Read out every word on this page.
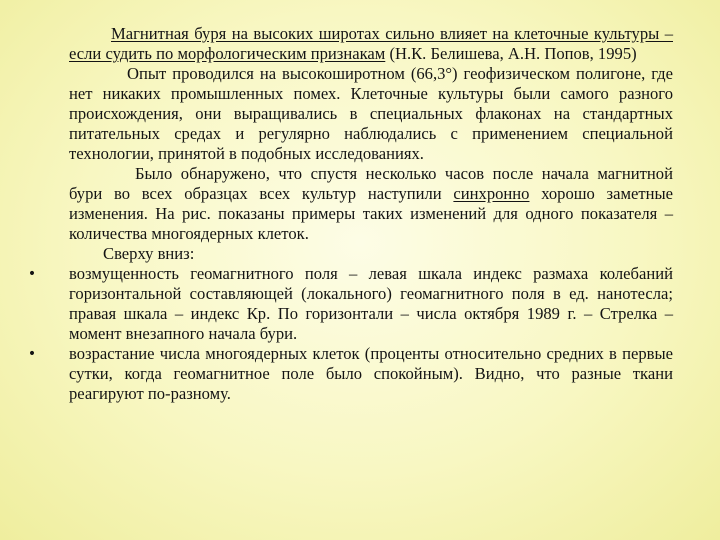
Магнитная буря на высоких широтах сильно влияет на клеточные культуры – если судить по морфологическим признакам (Н.К. Белишева, А.Н. Попов, 1995)

Опыт проводился на высокоширотном (66,3°) геофизическом полигоне, где нет никаких промышленных помех. Клеточные культуры были самого разного происхождения, они выращивались в специальных флаконах на стандартных питательных средах и регулярно наблюдались с применением специальной технологии, принятой в подобных исследованиях.

Было обнаружено, что спустя несколько часов после начала магнитной бури во всех образцах всех культур наступили синхронно хорошо заметные изменения. На рис. показаны примеры таких изменений для одного показателя – количества многоядерных клеток.

Сверху вниз:

•	возмущенность геомагнитного поля – левая шкала индекс размаха колебаний горизонтальной составляющей (локального) геомагнитного поля в ед. нанотесла; правая шкала – индекс Кр. По горизонтали – числа октября 1989 г. – Стрелка – момент внезапного начала бури.
•	возрастание числа многоядерных клеток (проценты относительно средних в первые сутки, когда геомагнитное поле было спокойным). Видно, что разные ткани реагируют по-разному.
